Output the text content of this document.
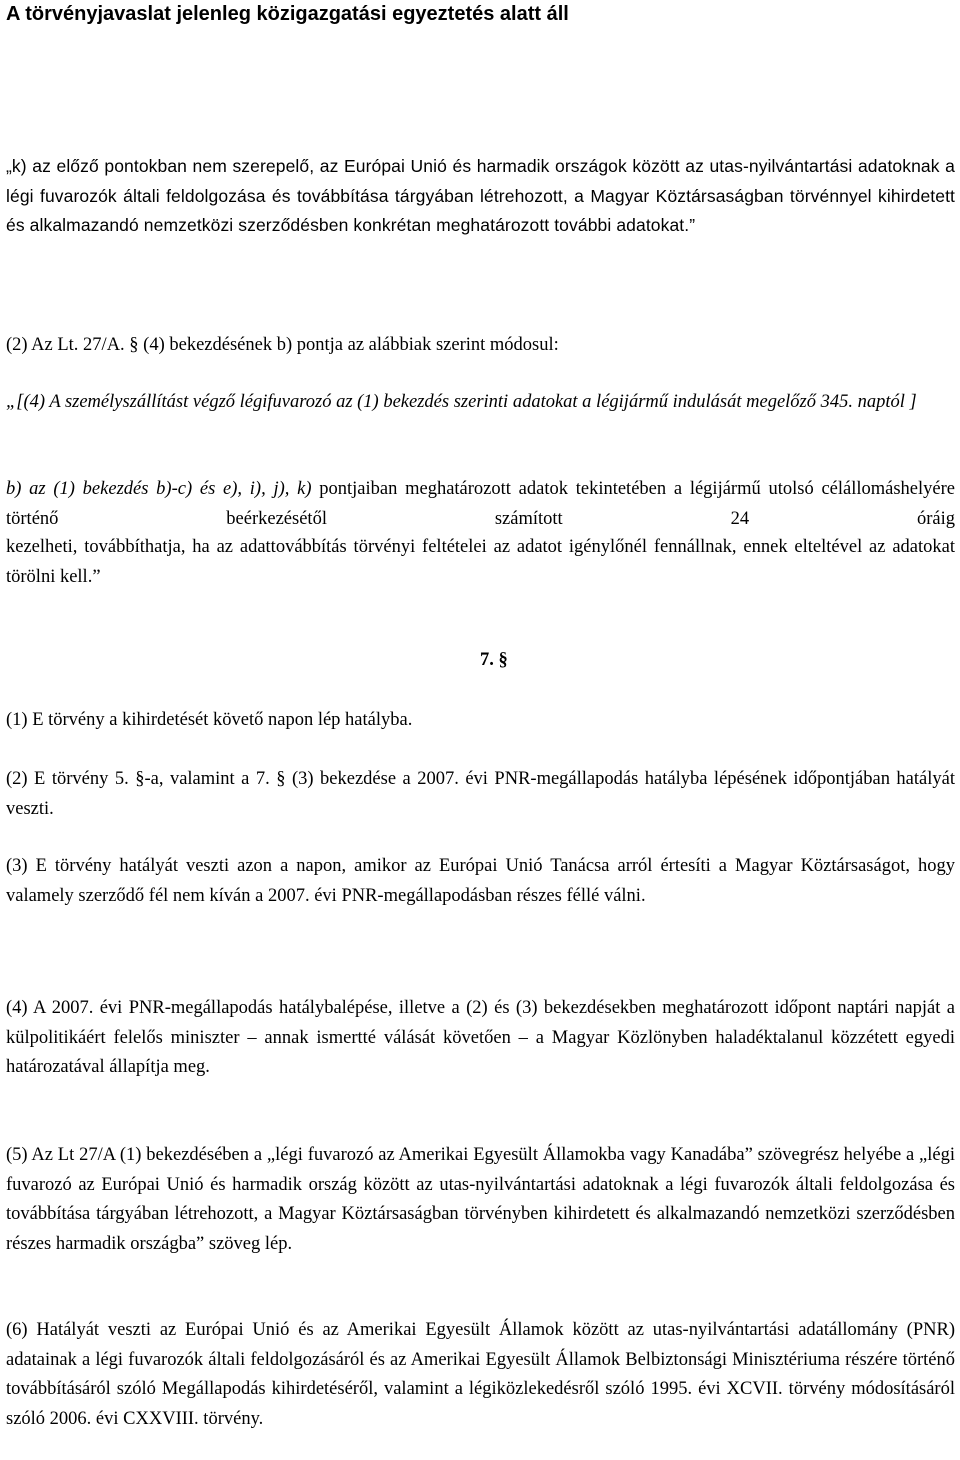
A törvényjavaslat jelenleg közigazgatási egyeztetés alatt áll

„k) az előző pontokban nem szerepelő, az Európai Unió és harmadik országok között az utas-nyilvántartási adatoknak a légi fuvarozók általi feldolgozása és továbbítása tárgyában létrehozott, a Magyar Köztársaságban törvénnyel kihirdetett és alkalmazandó nemzetközi szerződésben konkrétan meghatározott további adatokat.”

(2) Az Lt. 27/A. § (4) bekezdésének b) pontja az alábbiak szerint módosul:

„[(4) A személyszállítást végző légifuvarozó az (1) bekezdés szerinti adatokat a légijármű indulását megelőző 345. naptól ]

b) az (1) bekezdés b)-c) és e), i), j), k) pontjaiban meghatározott adatok tekintetében a légijármű utolsó célállomáshelyére történő beérkezésétől számított 24 óráig

kezelheti, továbbíthatja, ha az adattovábbítás törvényi feltételei az adatot igénylőnél fennállnak, ennek elteltével az adatokat törölni kell.”

7. §

(1) E törvény a kihirdetését követő napon lép hatályba.

(2) E törvény 5. §-a, valamint a 7. § (3) bekezdése a 2007. évi PNR-megállapodás hatályba lépésének időpontjában hatályát veszti.

(3) E törvény hatályát veszti azon a napon, amikor az Európai Unió Tanácsa arról értesíti a Magyar Köztársaságot, hogy valamely szerződő fél nem kíván a 2007. évi PNR-megállapodásban részes féllé válni.

(4) A 2007. évi PNR-megállapodás hatálybalépése, illetve a (2) és (3) bekezdésekben meghatározott időpont naptári napját a külpolitikáért felelős miniszter – annak ismertté válását követően – a Magyar Közlönyben haladéktalanul közzétett egyedi határozatával állapítja meg.

(5) Az Lt 27/A (1) bekezdésében a „légi fuvarozó az Amerikai Egyesült Államokba vagy Kanadába” szövegrész helyébe a „légi fuvarozó az Európai Unió és harmadik ország között az utas-nyilvántartási adatoknak a légi fuvarozók általi feldolgozása és továbbítása tárgyában létrehozott, a Magyar Köztársaságban törvényben kihirdetett és alkalmazandó nemzetközi szerződésben részes harmadik országba” szöveg lép.

(6) Hatályát veszti az Európai Unió és az Amerikai Egyesült Államok között az utas-nyilvántartási adatállomány (PNR) adatainak a légi fuvarozók általi feldolgozásáról és az Amerikai Egyesült Államok Belbiztonsági Minisztériuma részére történő továbbításáról szóló Megállapodás kihirdetéséről, valamint a légiközlekedésről szóló 1995. évi XCVII. törvény módosításáról szóló 2006. évi CXXVIII. törvény.
